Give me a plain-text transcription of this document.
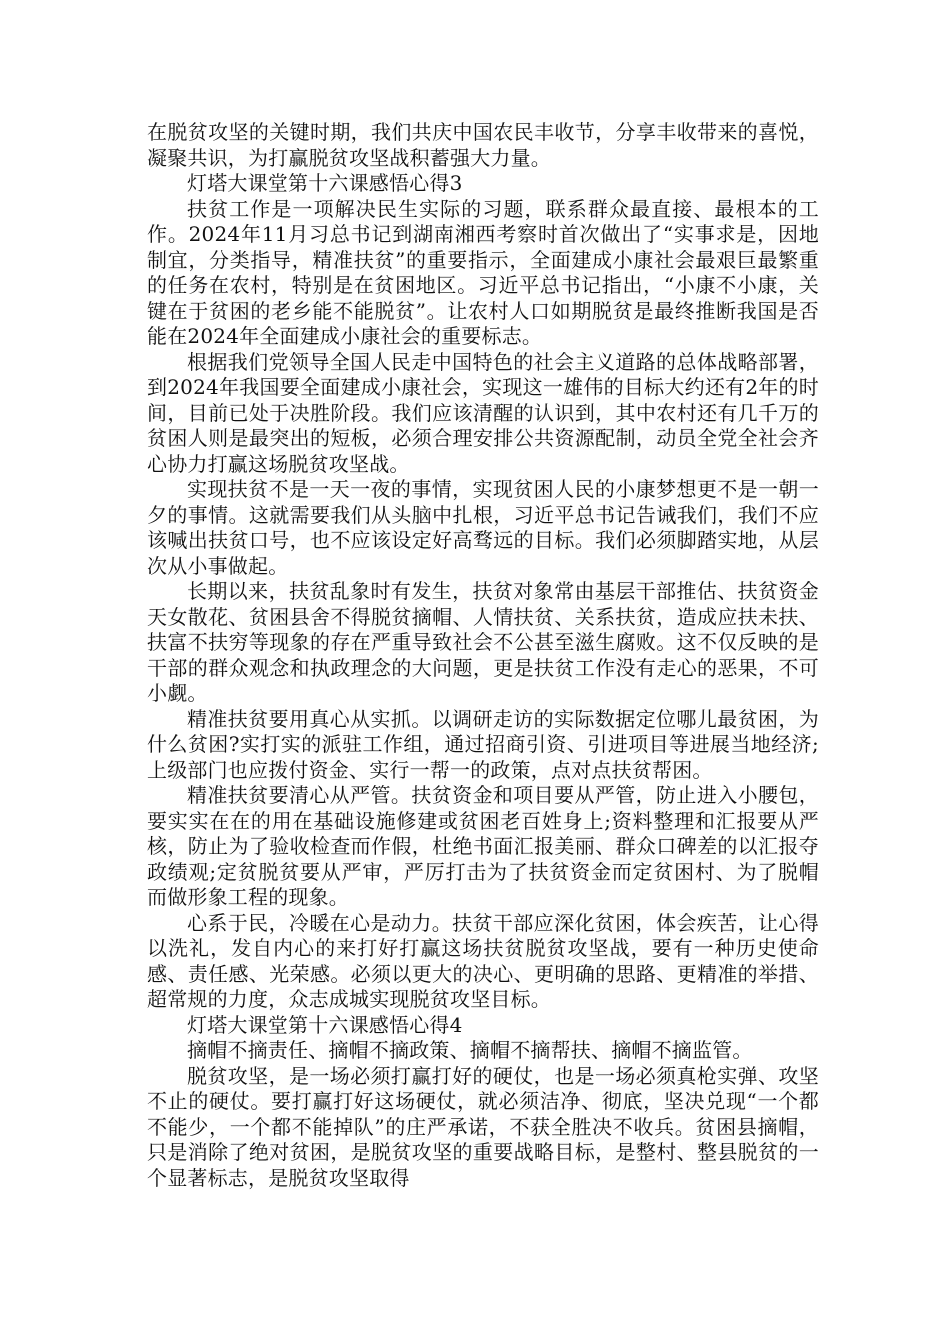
在脱贫攻坚的关键时期，我们共庆中国农民丰收节，分享丰收带来的喜悦，凝聚共识，为打赢脱贫攻坚战积蓄强大力量。

灯塔大课堂第十六课感悟心得3

扶贫工作是一项解决民生实际的习题，联系群众最直接、最根本的工作。2024年11月习总书记到湖南湘西考察时首次做出了“实事求是，因地制宜，分类指导，精准扶贫”的重要指示，全面建成小康社会最艰巨最繁重的任务在农村，特别是在贫困地区。习近平总书记指出，“小康不小康，关键在于贫困的老乡能不能脱贫”。让农村人口如期脱贫是最终推断我国是否能在2024年全面建成小康社会的重要标志。

根据我们党领导全国人民走中国特色的社会主义道路的总体战略部署，到2024年我国要全面建成小康社会，实现这一雄伟的目标大约还有2年的时间，目前已处于决胜阶段。我们应该清醒的认识到，其中农村还有几千万的贫困人则是最突出的短板，必须合理安排公共资源配制，动员全党全社会齐心协力打赢这场脱贫攻坚战。

实现扶贫不是一天一夜的事情，实现贫困人民的小康梦想更不是一朝一夕的事情。这就需要我们从头脑中扎根，习近平总书记告诫我们，我们不应该喊出扶贫口号，也不应该设定好高骛远的目标。我们必须脚踏实地，从层次从小事做起。

长期以来，扶贫乱象时有发生，扶贫对象常由基层干部推估、扶贫资金天女散花、贫困县舍不得脱贫摘帽、人情扶贫、关系扶贫，造成应扶未扶、扶富不扶穷等现象的存在严重导致社会不公甚至滋生腐败。这不仅反映的是干部的群众观念和执政理念的大问题，更是扶贫工作没有走心的恶果，不可小觑。

精准扶贫要用真心从实抓。以调研走访的实际数据定位哪儿最贫困，为什么贫困?实打实的派驻工作组，通过招商引资、引进项目等进展当地经济;上级部门也应拨付资金、实行一帮一的政策，点对点扶贫帮困。

精准扶贫要清心从严管。扶贫资金和项目要从严管，防止进入小腰包，要实实在在的用在基础设施修建或贫困老百姓身上;资料整理和汇报要从严核，防止为了验收检查而作假，杜绝书面汇报美丽、群众口碑差的以汇报夺政绩观;定贫脱贫要从严审，严厉打击为了扶贫资金而定贫困村、为了脱帽而做形象工程的现象。

心系于民，冷暖在心是动力。扶贫干部应深化贫困，体会疾苦，让心得以洗礼，发自内心的来打好打赢这场扶贫脱贫攻坚战，要有一种历史使命感、责任感、光荣感。必须以更大的决心、更明确的思路、更精准的举措、超常规的力度，众志成城实现脱贫攻坚目标。

灯塔大课堂第十六课感悟心得4

摘帽不摘责任、摘帽不摘政策、摘帽不摘帮扶、摘帽不摘监管。

脱贫攻坚，是一场必须打赢打好的硬仗，也是一场必须真枪实弹、攻坚不止的硬仗。要打赢打好这场硬仗，就必须洁净、彻底，坚决兑现“一个都不能少，一个都不能掉队”的庄严承诺，不获全胜决不收兵。贫困县摘帽，只是消除了绝对贫困，是脱贫攻坚的重要战略目标，是整村、整县脱贫的一个显著标志，是脱贫攻坚取得
